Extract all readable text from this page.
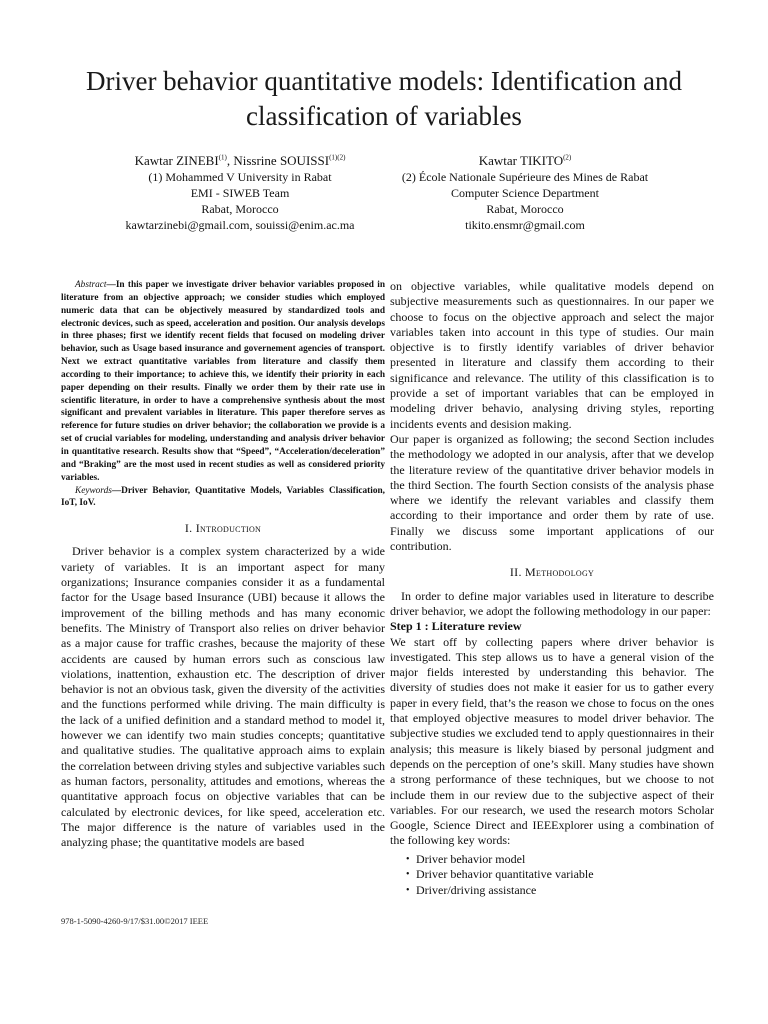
Driver behavior quantitative models: Identification and classification of variables
Kawtar ZINEBI$^{(1)}$, Nissrine $SOUISSI^{(1)(2)}$
(1) Mohammed V University in Rabat
EMI - SIWEB Team
Rabat, Morocco
kawtarzinebi@gmail.com, souissi@enim.ac.ma
Kawtar TIKITO$^{(2)}$
(2) École Nationale Supérieure des Mines de Rabat
Computer Science Department
Rabat, Morocco
tikito.ensmr@gmail.com

Abstract—In this paper we investigate driver behavior variables proposed in literature from an objective approach; we consider studies which employed numeric data that can be objectively measured by standardized tools and electronic devices, such as speed, acceleration and position. Our analysis develops in three phases; first we identify recent fields that focused on modeling driver behavior, such as Usage based insurance and governement agencies of transport. Next we extract quantitative variables from literature and classify them according to their importance; to achieve this, we identify their priority in each paper depending on their results. Finally we order them by their rate use in scientific literature, in order to have a comprehensive synthesis about the most significant and prevalent variables in literature. This paper therefore serves as reference for future studies on driver behavior; the collaboration we provide is a set of crucial variables for modeling, understanding and analysis driver behavior in quantitative research. Results show that “Speed”, “Acceleration/deceleration” and “Braking” are the most used in recent studies as well as considered priority variables.

Keywords—Driver Behavior, Quantitative Models, Variables Classification, IoT, IoV.

I. Introduction

Driver behavior is a complex system characterized by a wide variety of variables. It is an important aspect for many organizations; Insurance companies consider it as a fundamental factor for the Usage based Insurance (UBI) because it allows the improvement of the billing methods and has many economic benefits. The Ministry of Transport also relies on driver behavior as a major cause for traffic crashes, because the majority of these accidents are caused by human errors such as conscious law violations, inattention, exhaustion etc. The description of driver behavior is not an obvious task, given the diversity of the activities and the functions performed while driving. The main difficulty is the lack of a unified definition and a standard method to model it, however we can identify two main studies concepts; quantitative and qualitative studies. The qualitative approach aims to explain the correlation between driving styles and subjective variables such as human factors, personality, attitudes and emotions, whereas the quantitative approach focus on objective variables that can be calculated by electronic devices, for like speed, acceleration etc. The major difference is the nature of variables used in the analyzing phase; the quantitative models are based

on objective variables, while qualitative models depend on subjective measurements such as questionnaires. In our paper we choose to focus on the objective approach and select the major variables taken into account in this type of studies. Our main objective is to firstly identify variables of driver behavior presented in literature and classify them according to their significance and relevance. The utility of this classification is to provide a set of important variables that can be employed in modeling driver behavio, analysing driving styles, reporting incidents events and desision making.

Our paper is organized as following; the second Section includes the methodology we adopted in our analysis, after that we develop the literature review of the quantitative driver behavior models in the third Section. The fourth Section consists of the analysis phase where we identify the relevant variables and classify them according to their importance and order them by rate of use. Finally we discuss some important applications of our contribution.

II. Methodology

In order to define major variables used in literature to describe driver behavior, we adopt the following methodology in our paper:

Step 1 : Literature review

We start off by collecting papers where driver behavior is investigated. This step allows us to have a general vision of the major fields interested by understanding this behavior. The diversity of studies does not make it easier for us to gather every paper in every field, that’s the reason we chose to focus on the ones that employed objective measures to model driver behavior. The subjective studies we excluded tend to apply questionnaires in their analysis; this measure is likely biased by personal judgment and depends on the perception of one’s skill. Many studies have shown a strong performance of these techniques, but we choose to not include them in our review due to the subjective aspect of their variables. For our research, we used the research motors Scholar Google, Science Direct and IEEExplorer using a combination of the following key words:

• Driver behavior model
• Driver behavior quantitative variable
• Driver/driving assistance
978-1-5090-4260-9/17/$31.00©2017 IEEE
